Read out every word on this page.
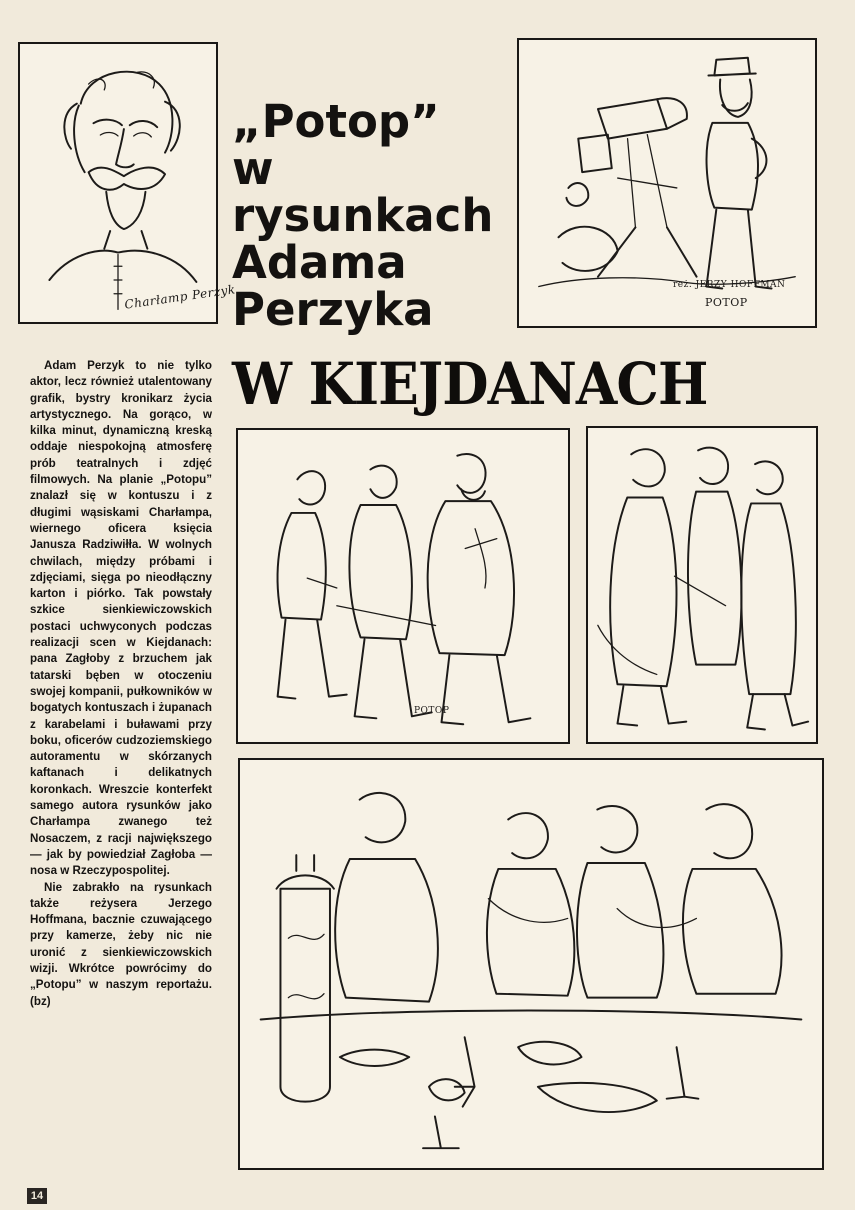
Charłamp Perzyk
„Potop”
w
rysunkach
Adama
Perzyka	reż. JERZY HOFFMAN
POTOP
W KIEJDANACH

Adam Perzyk to nie tylko aktor, lecz również utalentowany grafik, bystry kronikarz życia artystycznego. Na gorąco, w kilka minut, dynamiczną kreską oddaje niespokojną atmosferę prób teatralnych i zdjęć filmowych. Na planie „Potopu” znalazł się w kontuszu i z długimi wąsiskami Charłampa, wiernego oficera księcia Janusza Radziwiłła. W wolnych chwilach, między próbami i zdjęciami, sięga po nieodłączny karton i piórko. Tak powstały szkice sienkiewiczowskich postaci uchwyconych podczas realizacji scen w Kiejdanach: pana Zagłoby z brzuchem jak tatarski bęben w otoczeniu swojej kompanii, pułkowników w bogatych kontuszach i żupanach z karabelami i buławami przy boku, oficerów cudzoziemskiego autoramentu w skórzanych kaftanach i delikatnych koronkach. Wreszcie konterfekt samego autora rysunków jako Charłampa zwanego też Nosaczem, z racji największego — jak by powiedział Zagłoba — nosa w Rzeczypospolitej.

Nie zabrakło na rysunkach także reżysera Jerzego Hoffmana, bacznie czuwającego przy kamerze, żeby nic nie uronić z sienkiewiczowskich wizji. Wkrótce powrócimy do „Potopu” w naszym reportażu. (bz)

POTOP
14
